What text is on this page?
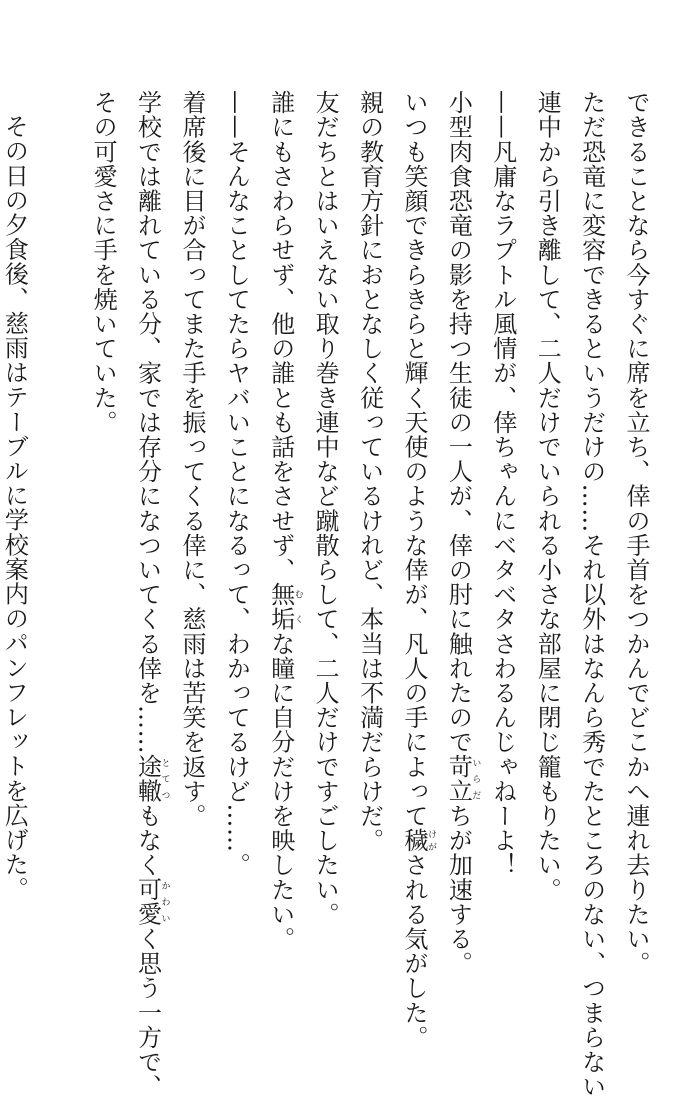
できることなら今すぐに席を立ち、倖の手首をつかんでどこかへ連れ去りたい。
ただ恐竜に変容できるというだけの……それ以外はなんら秀でたところのない、つまらない
連中から引き離して、二人だけでいられる小さな部屋に閉じ籠もりたい。
——凡庸なラプトル風情が、倖ちゃんにベタベタさわるんじゃねーよ！
小型肉食恐竜の影を持つ生徒の一人が、倖の肘に触れたので苛立いらだちが加速する。
いつも笑顔できらきらと輝く天使のような倖が、凡人の手によって穢けがされる気がした。
親の教育方針におとなしく従っているけれど、本当は不満だらけだ。
友だちとはいえない取り巻き連中など蹴散らして、二人だけですごしたい。
誰にもさわらせず、他の誰とも話をさせず、無垢むくな瞳に自分だけを映したい。
——そんなことしてたらヤバいことになるって、わかってるけど……。
着席後に目が合ってまた手を振ってくる倖に、慈雨は苦笑を返す。
学校では離れている分、家では存分になついてくる倖を……途轍とてつもなく可愛かわいく思う一方で、
その可愛さに手を焼いていた。
その日の夕食後、慈雨はテーブルに学校案内のパンフレットを広げた。
